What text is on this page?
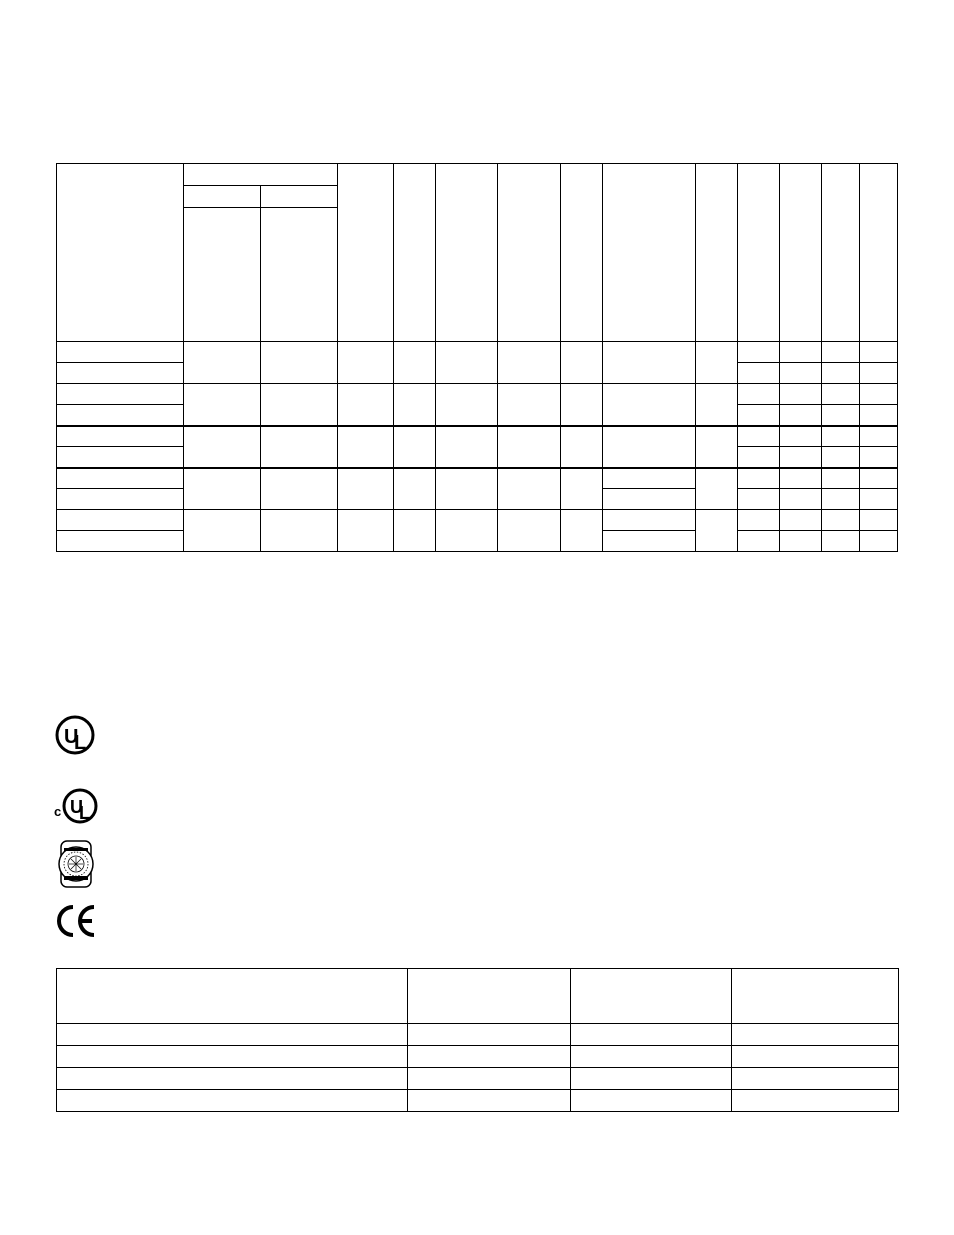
U
L
c U
L
